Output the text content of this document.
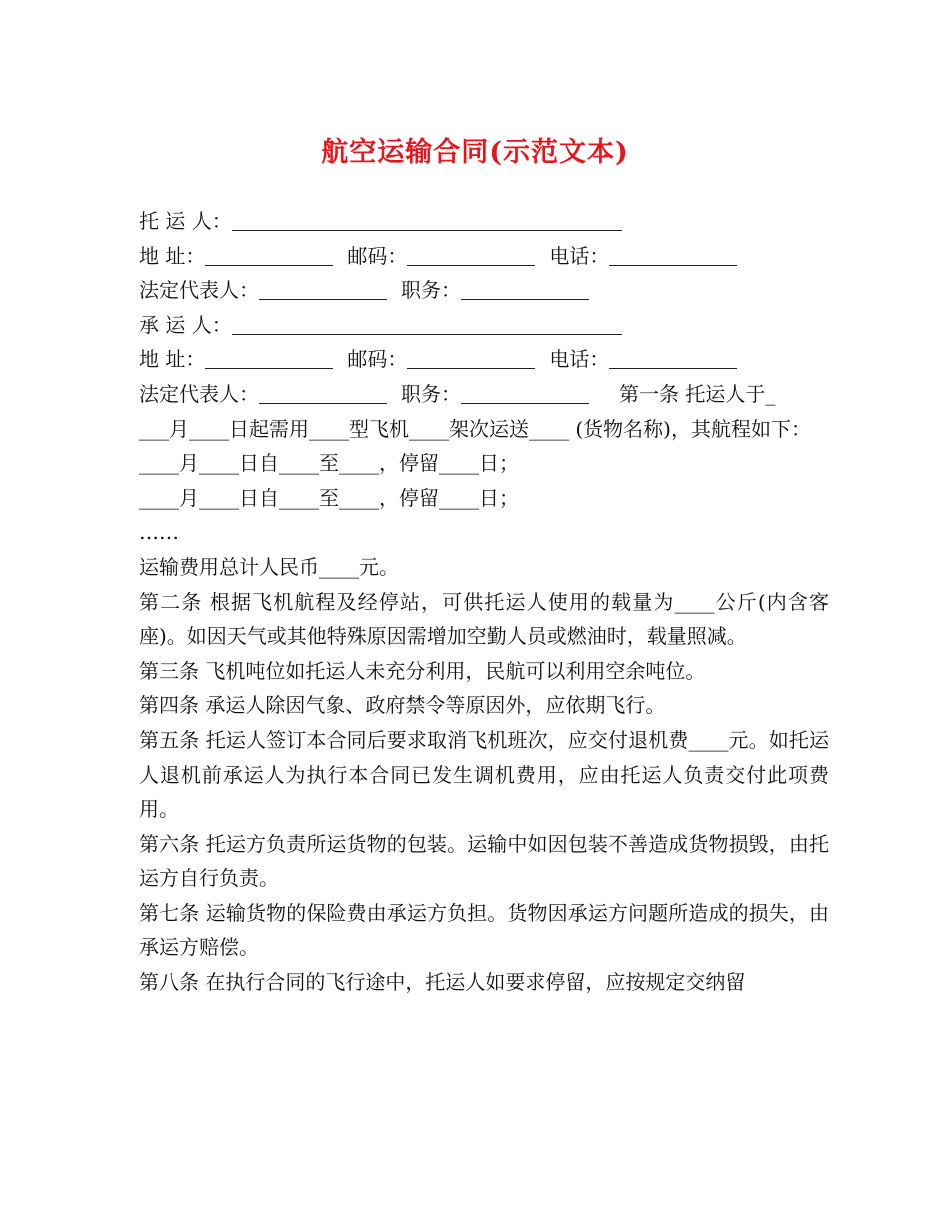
航空运输合同(示范文本)
托 运 人：
地 址：	邮码：	电话：
法定代表人：	职务：
承 运 人：
地 址：	邮码：	电话：
法定代表人：	职务：	第一条 托运人于_
___月____日起需用____型飞机____架次运送____ (货物名称)，其航程如下：
____月____日自____至____，停留____日；
____月____日自____至____，停留____日；
……
运输费用总计人民币____元。
第二条 根据飞机航程及经停站，可供托运人使用的载量为____公斤(内含客座)。如因天气或其他特殊原因需增加空勤人员或燃油时，载量照减。
第三条 飞机吨位如托运人未充分利用，民航可以利用空余吨位。
第四条 承运人除因气象、政府禁令等原因外，应依期飞行。
第五条 托运人签订本合同后要求取消飞机班次，应交付退机费____元。如托运人退机前承运人为执行本合同已发生调机费用，应由托运人负责交付此项费用。
第六条 托运方负责所运货物的包装。运输中如因包装不善造成货物损毁，由托运方自行负责。
第七条 运输货物的保险费由承运方负担。货物因承运方问题所造成的损失，由承运方赔偿。
第八条 在执行合同的飞行途中，托运人如要求停留，应按规定交纳留
